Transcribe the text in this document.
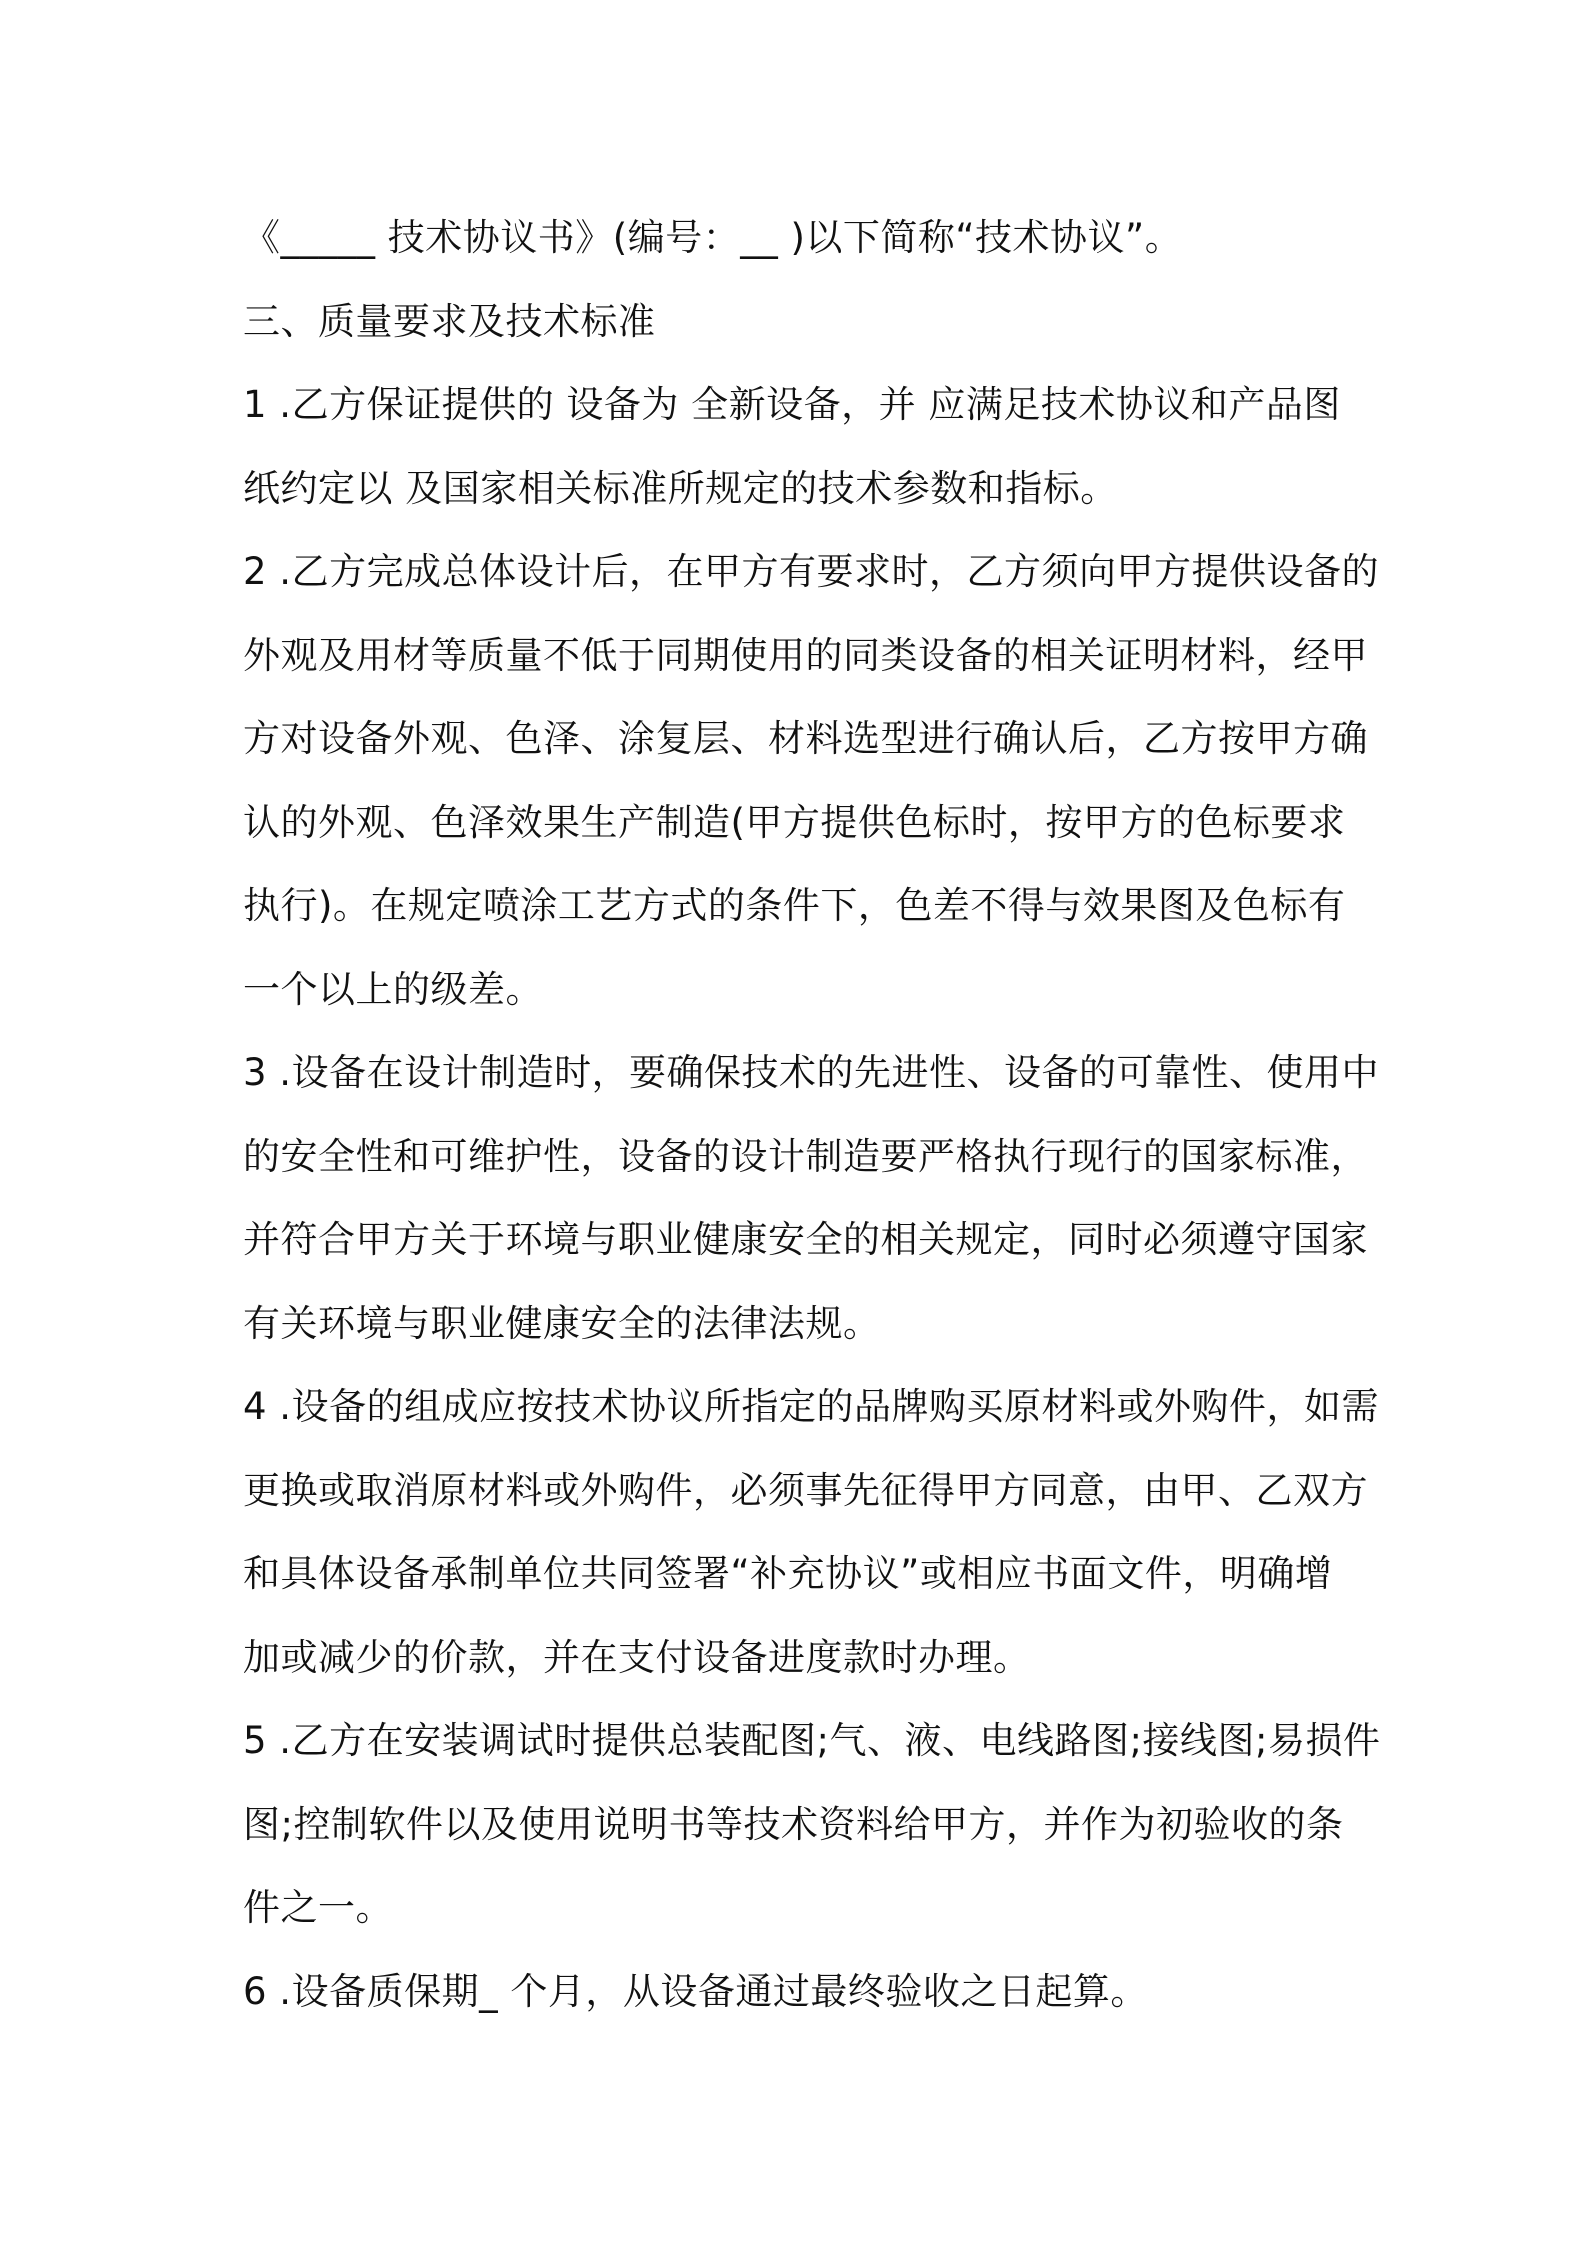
《_____ 技术协议书》(编号：__ )以下简称“技术协议”。

三、质量要求及技术标准

1 .乙方保证提供的 设备为 全新设备，并 应满足技术协议和产品图

纸约定以 及国家相关标准所规定的技术参数和指标。

2 .乙方完成总体设计后，在甲方有要求时，乙方须向甲方提供设备的

外观及用材等质量不低于同期使用的同类设备的相关证明材料，经甲

方对设备外观、色泽、涂复层、材料选型进行确认后，乙方按甲方确

认的外观、色泽效果生产制造(甲方提供色标时，按甲方的色标要求

执行)。在规定喷涂工艺方式的条件下，色差不得与效果图及色标有

一个以上的级差。

3 .设备在设计制造时，要确保技术的先进性、设备的可靠性、使用中

的安全性和可维护性，设备的设计制造要严格执行现行的国家标准，

并符合甲方关于环境与职业健康安全的相关规定，同时必须遵守国家

有关环境与职业健康安全的法律法规。

4 .设备的组成应按技术协议所指定的品牌购买原材料或外购件，如需

更换或取消原材料或外购件，必须事先征得甲方同意，由甲、乙双方

和具体设备承制单位共同签署“补充协议”或相应书面文件，明确增

加或减少的价款，并在支付设备进度款时办理。

5 .乙方在安装调试时提供总装配图;气、液、电线路图;接线图;易损件

图;控制软件以及使用说明书等技术资料给甲方，并作为初验收的条

件之一。

6 .设备质保期_ 个月，从设备通过最终验收之日起算。
